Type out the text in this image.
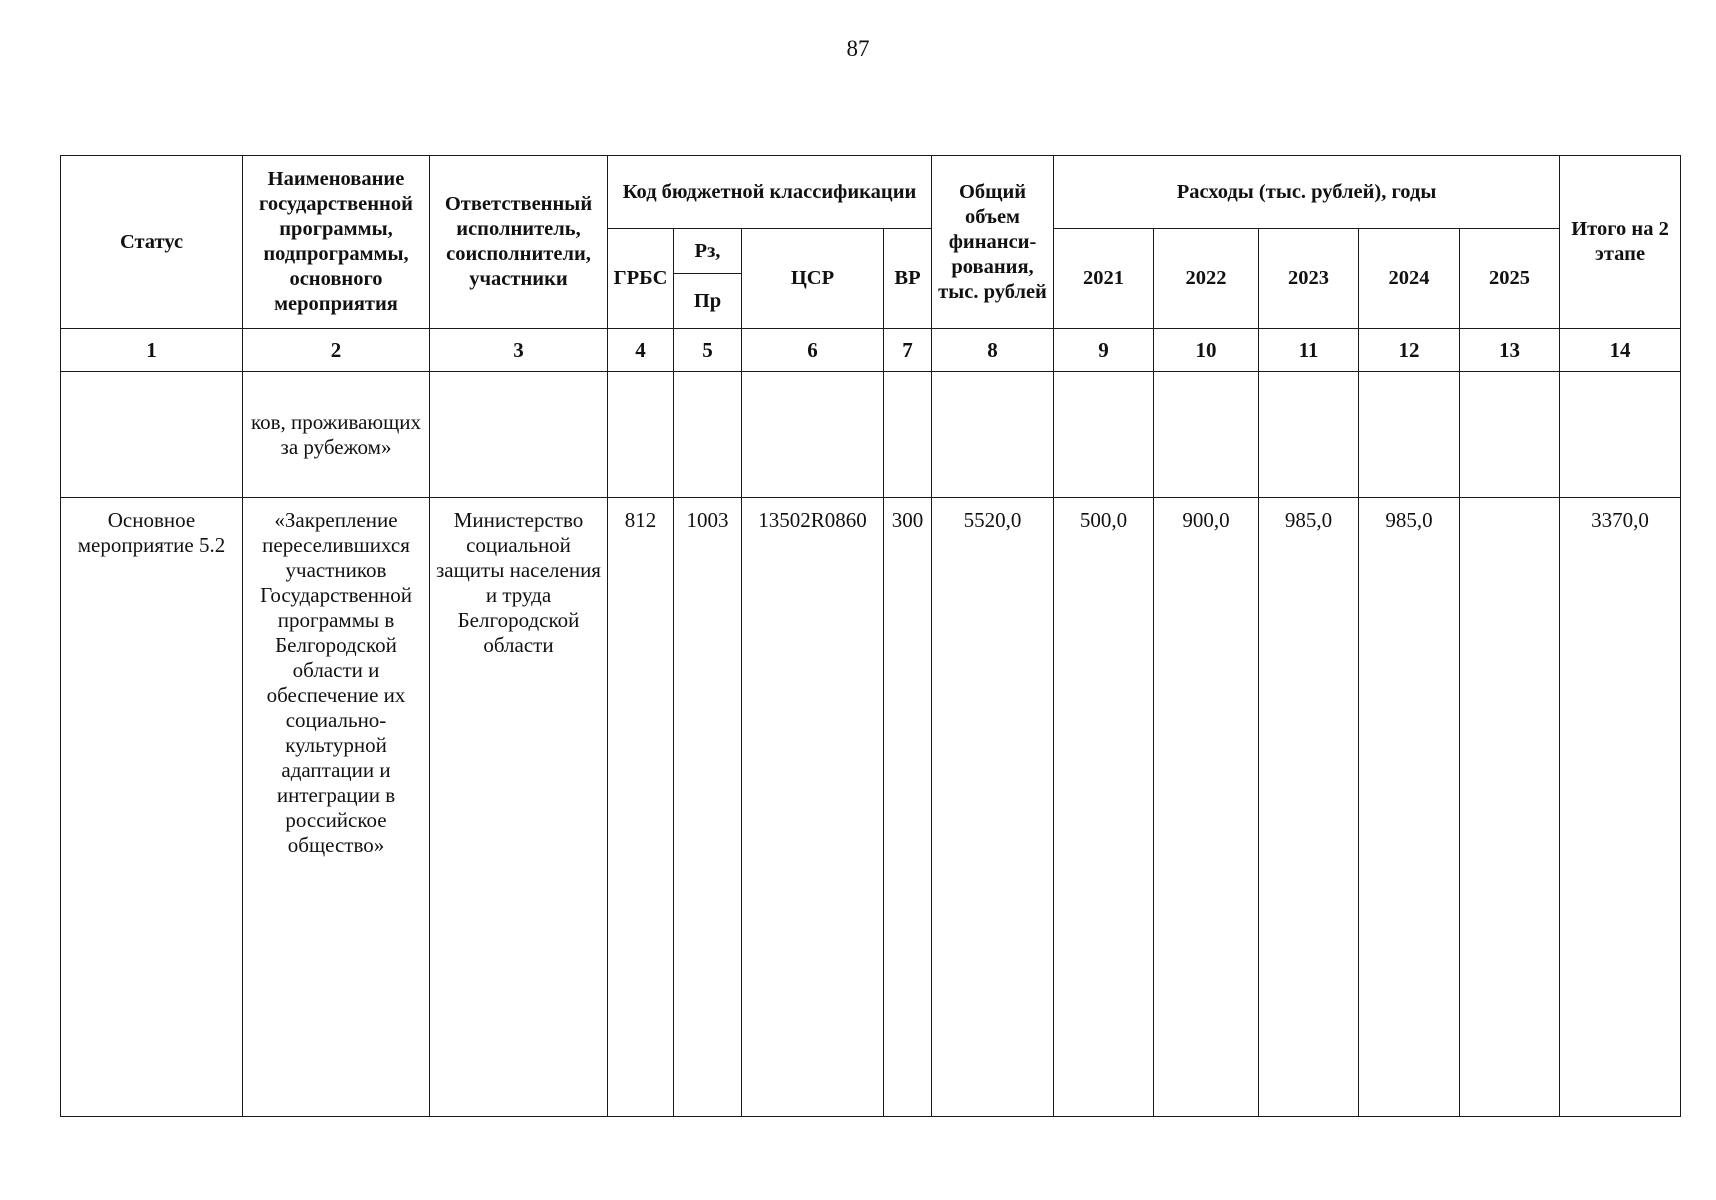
87
Статус	Наименование государственной программы, подпрограммы, основного мероприятия	Ответственный исполнитель, соисполнители, участники	Код бюджетной классификации				Общий объем финанси-рования, тыс. рублей	Расходы (тыс. рублей), годы					Итого на 2 этапе
			ГРБС	Рз,	ЦСР	ВР		2021	2022	2023	2024	2025	
				Пр									
1	2	3	4	5	6	7	8	9	10	11	12	13	14
	ков, проживающих за рубежом»												
Основное мероприятие 5.2	«Закрепление переселившихся участников Государственной программы в Белгородской области и обеспечение их социально-культурной адаптации и интеграции в российское общество»	Министерство социальной защиты населения и труда Белгородской области	812	1003	13502R0860	300	5520,0	500,0	900,0	985,0	985,0		3370,0
